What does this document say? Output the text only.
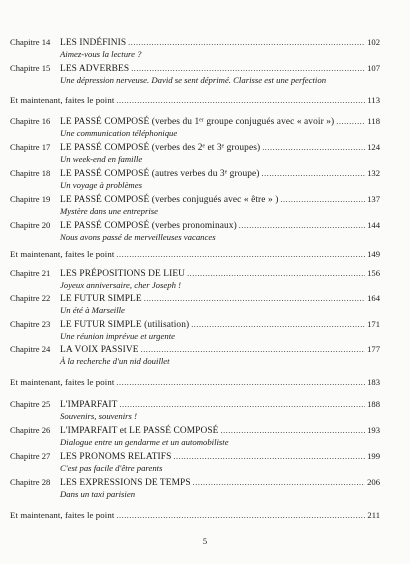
Chapitre 14	LES INDÉFINIS .....	102
Aimez-vous la lecture ?
Chapitre 15	LES ADVERBES .....	107
Une dépression nerveuse. David se sent déprimé. Clarisse est une perfection
Et maintenant, faites le point .....	113
Chapitre 16	LE PASSÉ COMPOSÉ (verbes du 1ᵉʳ groupe conjugués avec « avoir ») .....	118
Une communication téléphonique
Chapitre 17	LE PASSÉ COMPOSÉ (verbes des 2ᵉ et 3ᵉ groupes) .....	124
Un week-end en famille
Chapitre 18	LE PASSÉ COMPOSÉ (autres verbes du 3ᵉ groupe) .....	132
Un voyage à problèmes
Chapitre 19	LE PASSÉ COMPOSÉ (verbes conjugués avec « être » ) .....	137
Mystère dans une entreprise
Chapitre 20	LE PASSÉ COMPOSÉ (verbes pronominaux) .....	144
Nous avons passé de merveilleuses vacances
Et maintenant, faites le point .....	149
Chapitre 21	LES PRÉPOSITIONS DE LIEU .....	156
Joyeux anniversaire, cher Joseph !
Chapitre 22	LE FUTUR SIMPLE .....	164
Un été à Marseille
Chapitre 23	LE FUTUR SIMPLE (utilisation) .....	171
Une réunion imprévue et urgente
Chapitre 24	LA VOIX PASSIVE .....	177
À la recherche d'un nid douillet
Et maintenant, faites le point .....	183
Chapitre 25	L'IMPARFAIT .....	188
Souvenirs, souvenirs !
Chapitre 26	L'IMPARFAIT et LE PASSÉ COMPOSÉ .....	193
Dialogue entre un gendarme et un automobiliste
Chapitre 27	LES PRONOMS RELATIFS .....	199
C'est pas facile d'être parents
Chapitre 28	LES EXPRESSIONS DE TEMPS .....	206
Dans un taxi parisien
Et maintenant, faites le point .....	211
5
